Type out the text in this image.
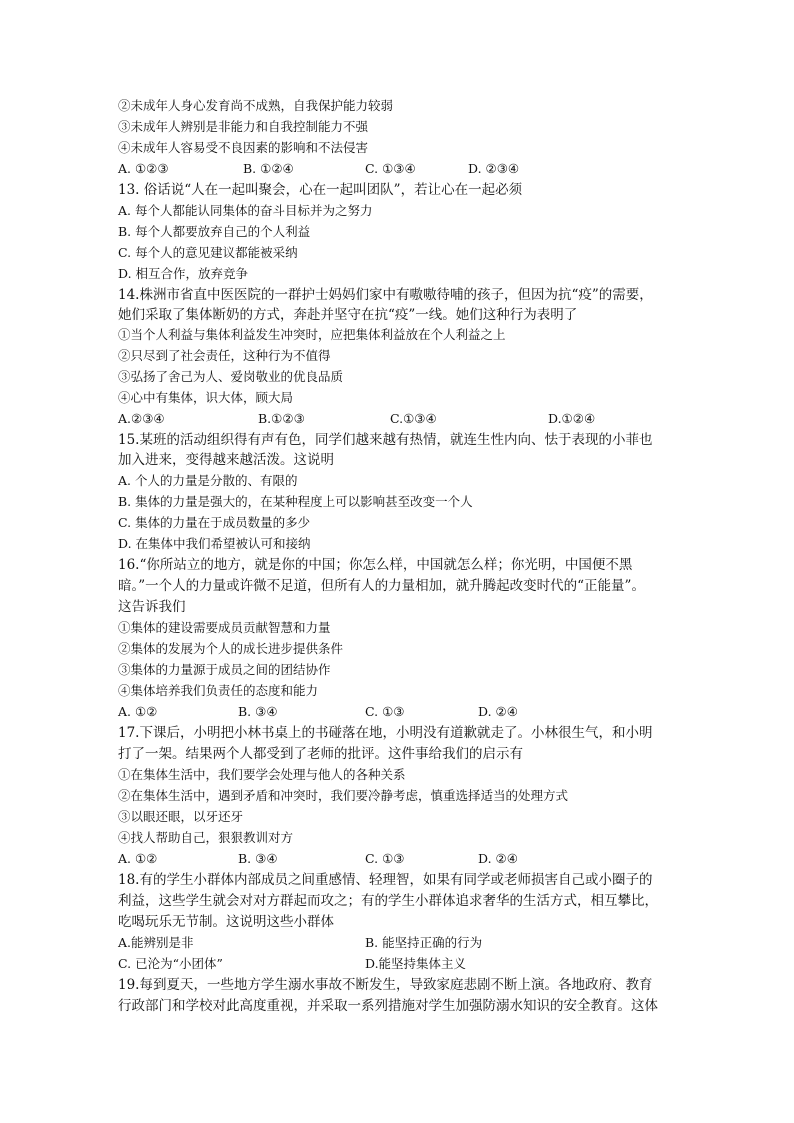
②未成年人身心发育尚不成熟，自我保护能力较弱
③未成年人辨别是非能力和自我控制能力不强
④未成年人容易受不良因素的影响和不法侵害
A. ①②③	B. ①②④	C. ①③④	D. ②③④
13. 俗话说“人在一起叫聚会，心在一起叫团队”，若让心在一起必须
A. 每个人都能认同集体的奋斗目标并为之努力
B. 每个人都要放弃自己的个人利益
C. 每个人的意见建议都能被采纳
D. 相互合作，放弃竞争
14.株洲市省直中医医院的一群护士妈妈们家中有嗷嗷待哺的孩子，但因为抗“疫”的需要，
她们采取了集体断奶的方式，奔赴并坚守在抗“疫”一线。她们这种行为表明了
①当个人利益与集体利益发生冲突时，应把集体利益放在个人利益之上
②只尽到了社会责任，这种行为不值得
③弘扬了舍己为人、爱岗敬业的优良品质
④心中有集体，识大体，顾大局
A.②③④	B.①②③	C.①③④	D.①②④
15.某班的活动组织得有声有色，同学们越来越有热情，就连生性内向、怯于表现的小菲也
加入进来，变得越来越活泼。这说明
A. 个人的力量是分散的、有限的
B. 集体的力量是强大的，在某种程度上可以影响甚至改变一个人
C. 集体的力量在于成员数量的多少
D. 在集体中我们希望被认可和接纳
16.“你所站立的地方，就是你的中国；你怎么样，中国就怎么样；你光明，中国便不黑
暗。”一个人的力量或许微不足道，但所有人的力量相加，就升腾起改变时代的“正能量”。
这告诉我们
①集体的建设需要成员贡献智慧和力量
②集体的发展为个人的成长进步提供条件
③集体的力量源于成员之间的团结协作
④集体培养我们负责任的态度和能力
A. ①②	B. ③④	C. ①③	D. ②④
17.下课后，小明把小林书桌上的书碰落在地，小明没有道歉就走了。小林很生气，和小明
打了一架。结果两个人都受到了老师的批评。这件事给我们的启示有
①在集体生活中，我们要学会处理与他人的各种关系
②在集体生活中，遇到矛盾和冲突时，我们要冷静考虑，慎重选择适当的处理方式
③以眼还眼，以牙还牙
④找人帮助自己，狠狠教训对方
A. ①②	B. ③④	C. ①③	D. ②④
18.有的学生小群体内部成员之间重感情、轻理智，如果有同学或老师损害自己或小圈子的
利益，这些学生就会对对方群起而攻之；有的学生小群体追求奢华的生活方式，相互攀比，
吃喝玩乐无节制。这说明这些小群体
A.能辨别是非	B. 能坚持正确的行为
C. 已沦为“小团体”	D.能坚持集体主义
19.每到夏天，一些地方学生溺水事故不断发生，导致家庭悲剧不断上演。各地政府、教育
行政部门和学校对此高度重视，并采取一系列措施对学生加强防溺水知识的安全教育。这体
